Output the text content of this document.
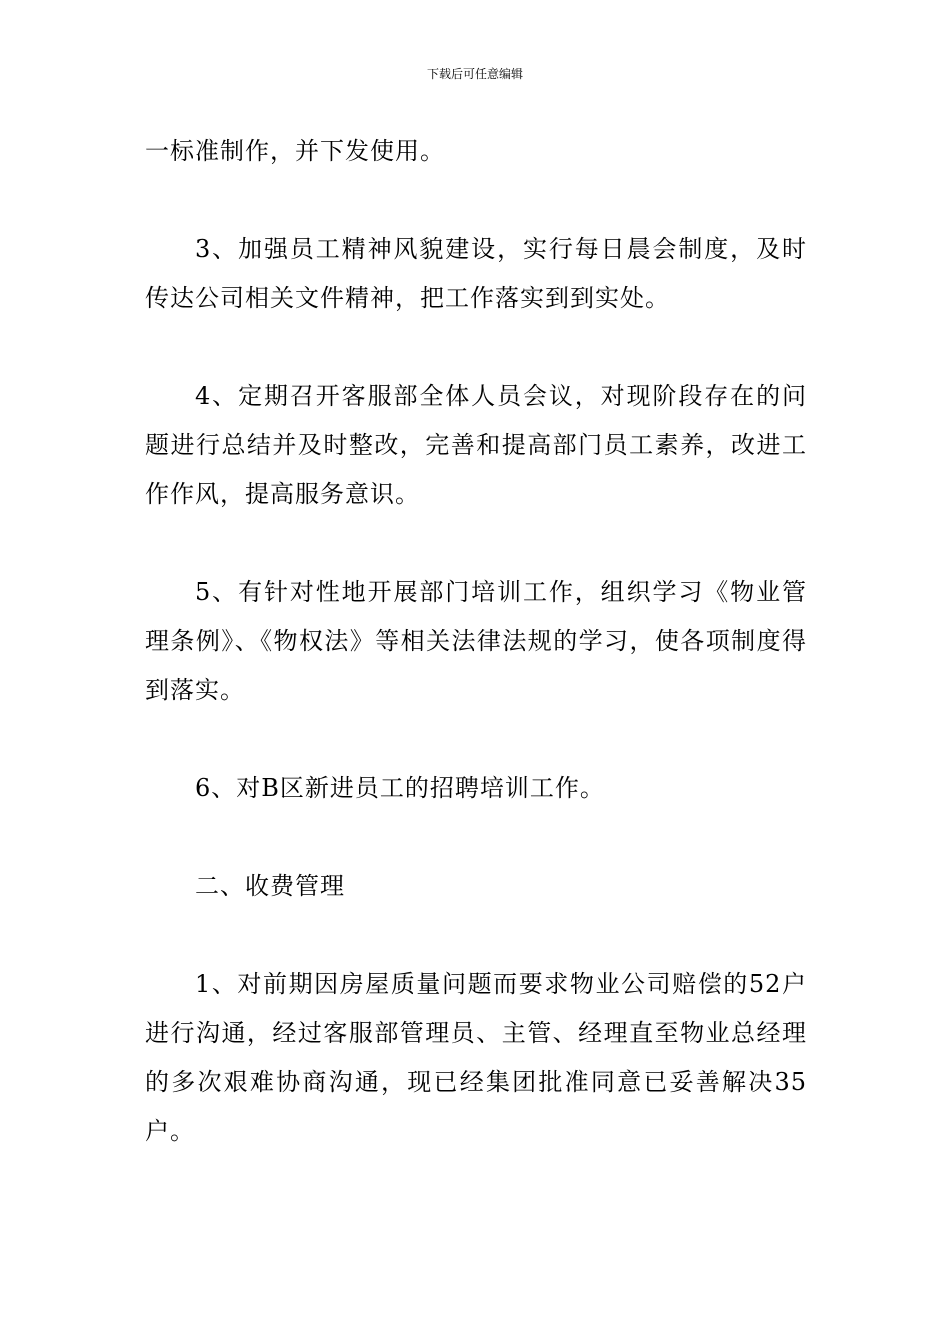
下载后可任意编辑

一标准制作，并下发使用。

3、加强员工精神风貌建设，实行每日晨会制度，及时传达公司相关文件精神，把工作落实到到实处。

4、定期召开客服部全体人员会议，对现阶段存在的问题进行总结并及时整改，完善和提高部门员工素养，改进工作作风，提高服务意识。

5、有针对性地开展部门培训工作，组织学习《物业管理条例》、《物权法》等相关法律法规的学习，使各项制度得到落实。

6、对B区新进员工的招聘培训工作。

二、收费管理

1、对前期因房屋质量问题而要求物业公司赔偿的52户进行沟通，经过客服部管理员、主管、经理直至物业总经理的多次艰难协商沟通，现已经集团批准同意已妥善解决35户。
